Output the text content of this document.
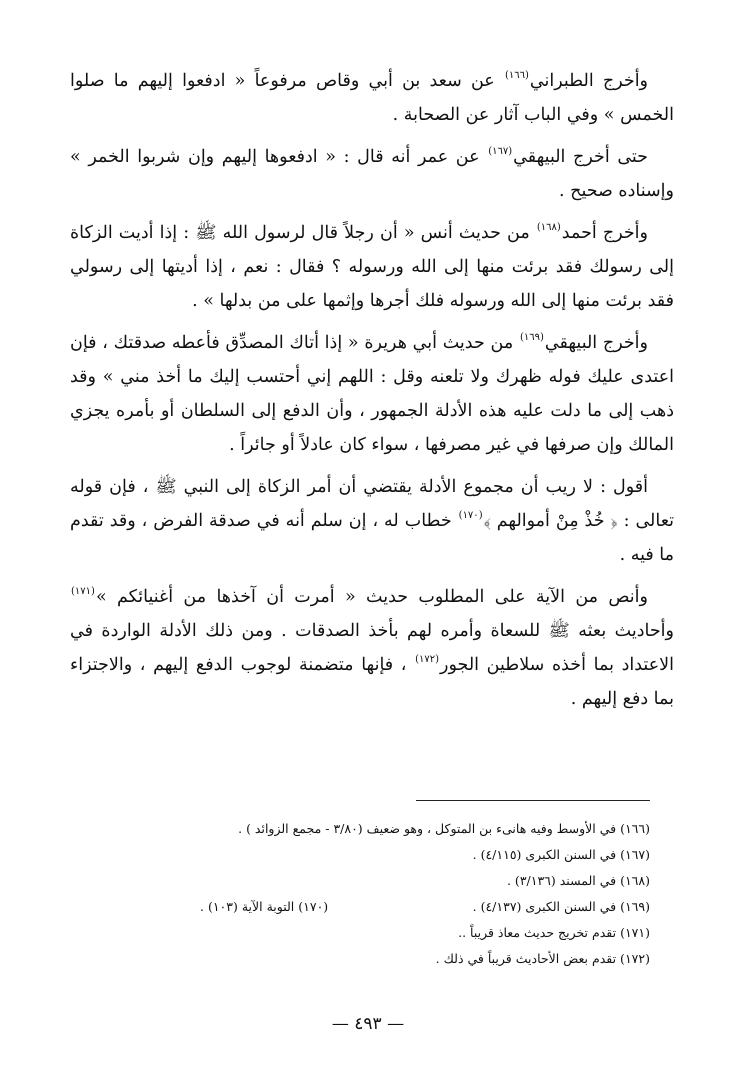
وأخرج الطبراني$^{(١٦٦)}$ عن سعد بن أبي وقاص مرفوعاً « ادفعوا إليهم ما صلوا الخمس » وفي الباب آثار عن الصحابة .

حتى أخرج البيهقي$^{(١٦٧)}$ عن عمر أنه قال : « ادفعوها إليهم وإن شربوا الخمر » وإسناده صحيح .

وأخرج أحمد$^{(١٦٨)}$ من حديث أنس « أن رجلاً قال لرسول الله ﷺ : إذا أديت الزكاة إلى رسولك فقد برئت منها إلى الله ورسوله ؟ فقال : نعم ، إذا أديتها إلى رسولي فقد برئت منها إلى الله ورسوله فلك أجرها وإثمها على من بدلها » .

وأخرج البيهقي$^{(١٦٩)}$ من حديث أبي هريرة « إذا أتاك المصدِّق فأعطه صدقتك ، فإن اعتدى عليك فوله ظهرك ولا تلعنه وقل : اللهم إني أحتسب إليك ما أخذ مني » وقد ذهب إلى ما دلت عليه هذه الأدلة الجمهور ، وأن الدفع إلى السلطان أو بأمره يجزي المالك وإن صرفها في غير مصرفها ، سواء كان عادلاً أو جائراً .

أقول : لا ريب أن مجموع الأدلة يقتضي أن أمر الزكاة إلى النبي ﷺ ، فإن قوله تعالى : ﴿ خُذْ مِنْ أموالهم ﴾$^{(١٧٠)}$ خطاب له ، إن سلم أنه في صدقة الفرض ، وقد تقدم ما فيه .

وأنص من الآية على المطلوب حديث « أمرت أن آخذها من أغنيائكم »$^{(١٧١)}$ وأحاديث بعثه ﷺ للسعاة وأمره لهم بأخذ الصدقات . ومن ذلك الأدلة الواردة في الاعتداد بما أخذه سلاطين الجور$^{(١٧٢)}$ ، فإنها متضمنة لوجوب الدفع إليهم ، والاجتزاء بما دفع إليهم .

(١٦٦) في الأوسط وفيه هانىء بن المتوكل ، وهو ضعيف (٣/٨٠ - مجمع الزوائد ) .
(١٦٧) في السنن الكبرى (٤/١١٥) .
(١٦٨) في المسند (٣/١٣٦) .
(١٦٩) في السنن الكبرى (٤/١٣٧) .
(١٧٠) التوبة الآية (١٠٣) .
(١٧١) تقدم تخريج حديث معاذ قريباً ..
(١٧٢) تقدم بعض الأحاديث قريباً في ذلك .
— ٤٩٣ —
